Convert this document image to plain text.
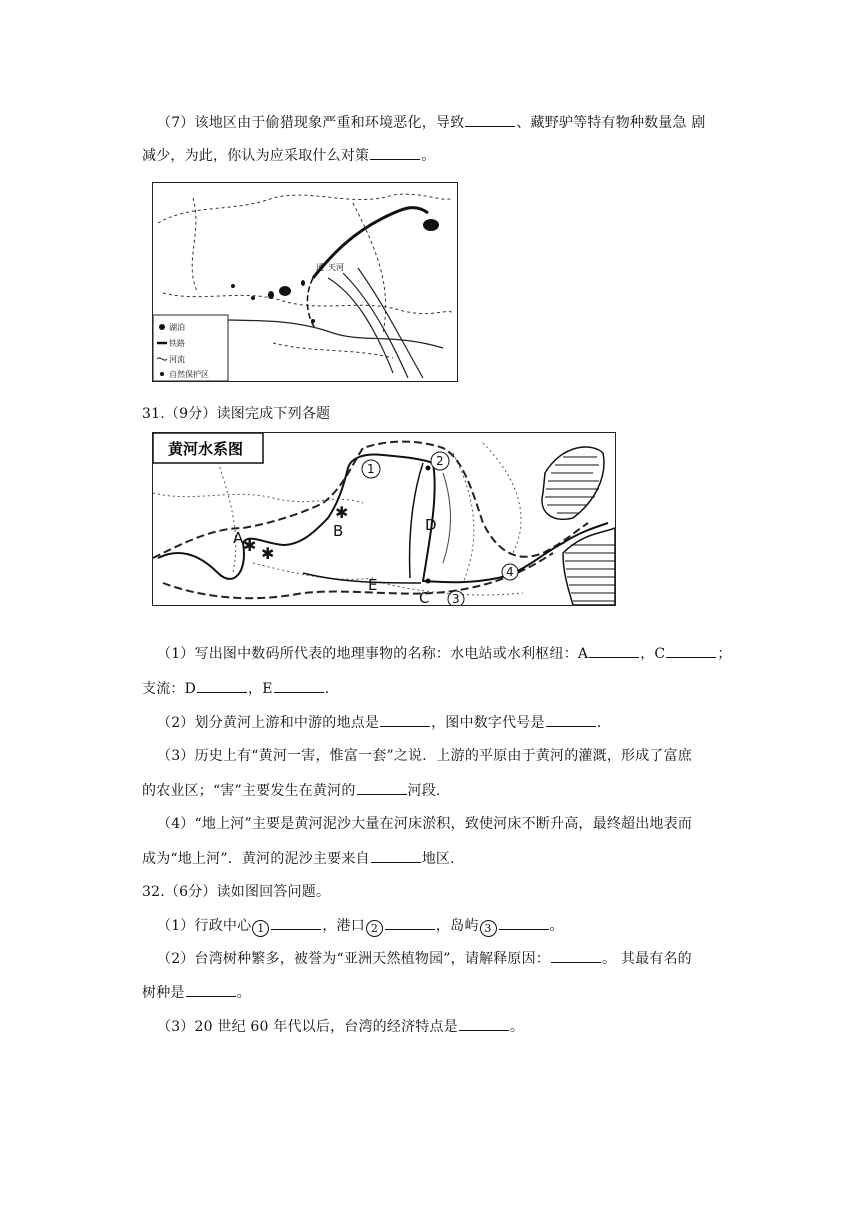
（7）该地区由于偷猎现象严重和环境恶化，导致	、藏野驴等特有物种数量急 剧
减少，为此，你认为应采取什么对策	。
通 天河
湖泊
铁路
河流
自然保护区
31.（9分）读图完成下列各题
✱ ✱
✱
黄河水系图
A	B
C
D
E
1
2
3
4
（1）写出图中数码所代表的地理事物的名称：水电站或水利枢纽：A	，C	；
支流：D	，E	.
（2）划分黄河上游和中游的地点是	，图中数字代号是	.
（3）历史上有“黄河一害，惟富一套”之说．上游的平原由于黄河的灌溉，形成了富庶
的农业区；“害”主要发生在黄河的	河段.
（4）“地上河”主要是黄河泥沙大量在河床淤积，致使河床不断升高，最终超出地表而
成为“地上河”．黄河的泥沙主要来自	地区.
32.（6分）读如图回答问题。
（1）行政中心 1	，港口 2	，岛屿 3	。
（2）台湾树种繁多，被誉为“亚洲天然植物园”，请解释原因：	。 其最有名的
树种是	。
（3）20 世纪 60 年代以后，台湾的经济特点是	。
